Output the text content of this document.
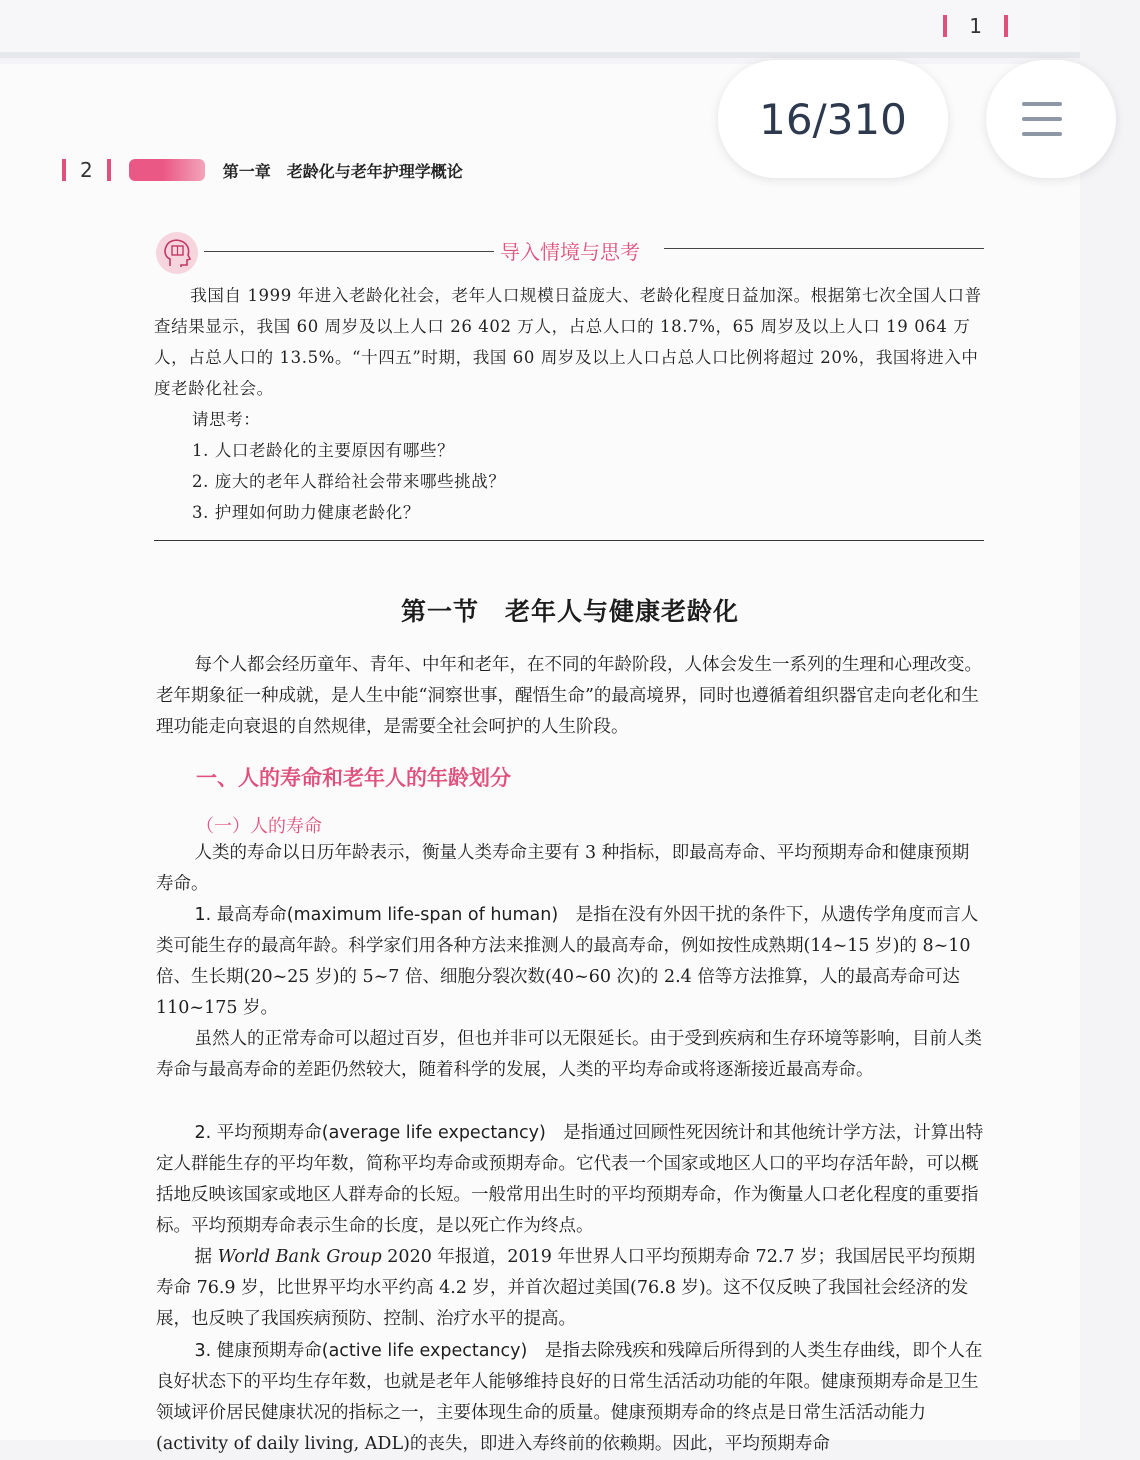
1
2	第一章　老龄化与老年护理学概论
导入情境与思考

我国自 1999 年进入老龄化社会，老年人口规模日益庞大、老龄化程度日益加深。根据第七次全国人口普查结果显示，我国 60 周岁及以上人口 26 402 万人，占总人口的 18.7%，65 周岁及以上人口 19 064 万人，占总人口的 13.5%。“十四五”时期，我国 60 周岁及以上人口占总人口比例将超过 20%，我国将进入中度老龄化社会。

请思考：

1. 人口老龄化的主要原因有哪些？

2. 庞大的老年人群给社会带来哪些挑战？

3. 护理如何助力健康老龄化？

第一节　老年人与健康老龄化

每个人都会经历童年、青年、中年和老年，在不同的年龄阶段，人体会发生一系列的生理和心理改变。老年期象征一种成就，是人生中能“洞察世事，醒悟生命”的最高境界，同时也遵循着组织器官走向老化和生理功能走向衰退的自然规律，是需要全社会呵护的人生阶段。

一、人的寿命和老年人的年龄划分
（一）人的寿命

人类的寿命以日历年龄表示，衡量人类寿命主要有 3 种指标，即最高寿命、平均预期寿命和健康预期寿命。

1. 最高寿命(maximum life-span of human)　是指在没有外因干扰的条件下，从遗传学角度而言人类可能生存的最高年龄。科学家们用各种方法来推测人的最高寿命，例如按性成熟期(14~15 岁)的 8~10 倍、生长期(20~25 岁)的 5~7 倍、细胞分裂次数(40~60 次)的 2.4 倍等方法推算，人的最高寿命可达 110~175 岁。

虽然人的正常寿命可以超过百岁，但也并非可以无限延长。由于受到疾病和生存环境等影响，目前人类寿命与最高寿命的差距仍然较大，随着科学的发展，人类的平均寿命或将逐渐接近最高寿命。

2. 平均预期寿命(average life expectancy)　是指通过回顾性死因统计和其他统计学方法，计算出特定人群能生存的平均年数，简称平均寿命或预期寿命。它代表一个国家或地区人口的平均存活年龄，可以概括地反映该国家或地区人群寿命的长短。一般常用出生时的平均预期寿命，作为衡量人口老化程度的重要指标。平均预期寿命表示生命的长度，是以死亡作为终点。

据 World Bank Group 2020 年报道，2019 年世界人口平均预期寿命 72.7 岁；我国居民平均预期寿命 76.9 岁，比世界平均水平约高 4.2 岁，并首次超过美国(76.8 岁)。这不仅反映了我国社会经济的发展，也反映了我国疾病预防、控制、治疗水平的提高。

3. 健康预期寿命(active life expectancy)　是指去除残疾和残障后所得到的人类生存曲线，即个人在良好状态下的平均生存年数，也就是老年人能够维持良好的日常生活活动功能的年限。健康预期寿命是卫生领域评价居民健康状况的指标之一，主要体现生命的质量。健康预期寿命的终点是日常生活活动能力(activity of daily living, ADL)的丧失，即进入寿终前的依赖期。因此，平均预期寿命

16/310
